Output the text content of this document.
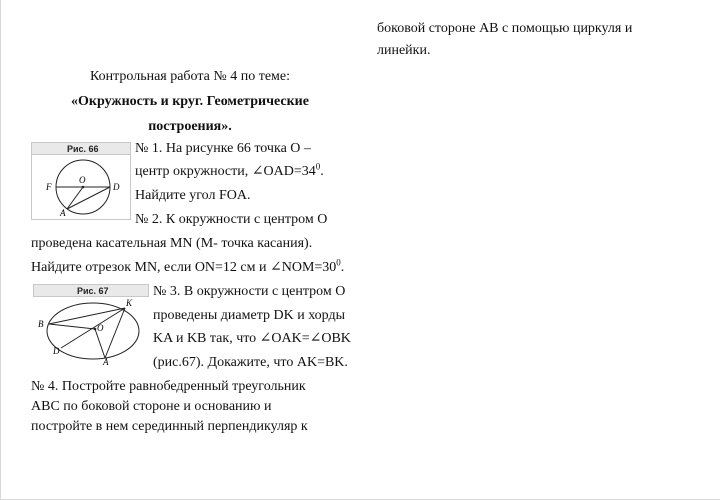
боковой стороне АВ с помощью циркуля и
линейки.
Контрольная работа № 4 по теме:
«Окружность и круг. Геометрические
построения».
Рис. 66
O
F	D
A
№ 1. На рисунке 66 точка О –
центр окружности, $\angle OAD=34^0$.
Найдите угол FOA.
№ 2. К окружности с центром О
проведена касательная MN (М- точка касания).
Найдите отрезок MN, если ON=12 см и $\angle NOM=30^0$.
Рис. 67
K
B	O
D
A
№ 3. В окружности с центром О
проведены диаметр DK и хорды
KA и KB так, что ∠OAK=∠OBK
(рис.67). Докажите, что AK=BK.
№ 4. Постройте равнобедренный треугольник
ABC по боковой стороне и основанию и
постройте в нем серединный перпендикуляр к
